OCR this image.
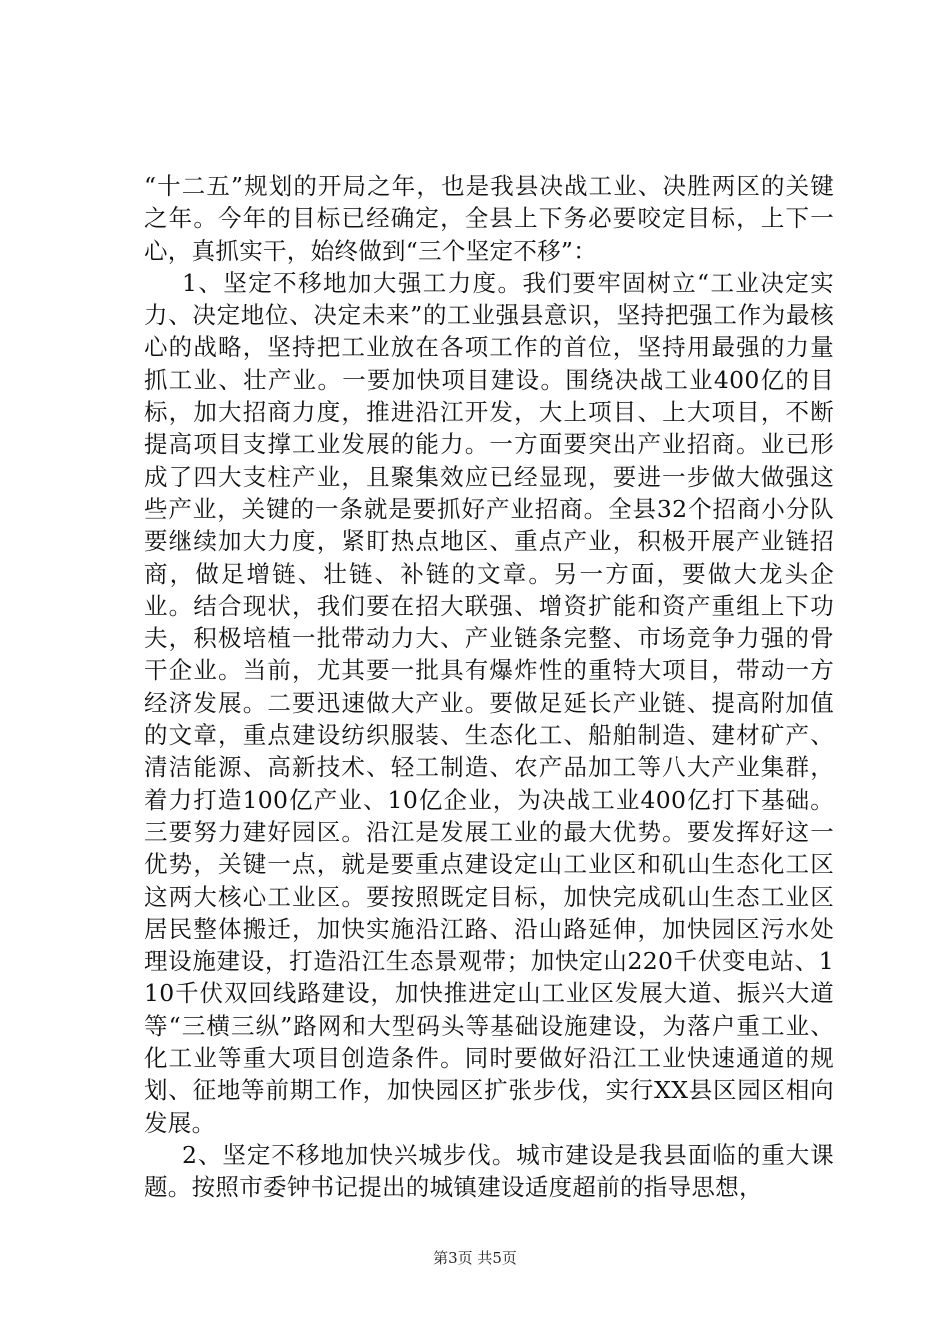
“十二五”规划的开局之年，也是我县决战工业、决胜两区的关键之年。今年的目标已经确定，全县上下务必要咬定目标，上下一心，真抓实干，始终做到“三个坚定不移”：

1、坚定不移地加大强工力度。我们要牢固树立“工业决定实力、决定地位、决定未来”的工业强县意识，坚持把强工作为最核心的战略，坚持把工业放在各项工作的首位，坚持用最强的力量抓工业、壮产业。一要加快项目建设。围绕决战工业400亿的目标，加大招商力度，推进沿江开发，大上项目、上大项目，不断提高项目支撑工业发展的能力。一方面要突出产业招商。业已形成了四大支柱产业，且聚集效应已经显现，要进一步做大做强这些产业，关键的一条就是要抓好产业招商。全县32个招商小分队要继续加大力度，紧盯热点地区、重点产业，积极开展产业链招商，做足增链、壮链、补链的文章。另一方面，要做大龙头企业。结合现状，我们要在招大联强、增资扩能和资产重组上下功夫，积极培植一批带动力大、产业链条完整、市场竞争力强的骨干企业。当前，尤其要一批具有爆炸性的重特大项目，带动一方经济发展。二要迅速做大产业。要做足延长产业链、提高附加值的文章，重点建设纺织服装、生态化工、船舶制造、建材矿产、清洁能源、高新技术、轻工制造、农产品加工等八大产业集群，着力打造100亿产业、10亿企业，为决战工业400亿打下基础。三要努力建好园区。沿江是发展工业的最大优势。要发挥好这一优势，关键一点，就是要重点建设定山工业区和矶山生态化工区这两大核心工业区。要按照既定目标，加快完成矶山生态工业区居民整体搬迁，加快实施沿江路、沿山路延伸，加快园区污水处理设施建设，打造沿江生态景观带；加快定山220千伏变电站、110千伏双回线路建设，加快推进定山工业区发展大道、振兴大道等“三横三纵”路网和大型码头等基础设施建设，为落户重工业、化工业等重大项目创造条件。同时要做好沿江工业快速通道的规划、征地等前期工作，加快园区扩张步伐，实行XX县区园区相向发展。

2、坚定不移地加快兴城步伐。城市建设是我县面临的重大课题。按照市委钟书记提出的城镇建设适度超前的指导思想，

第3页 共5页
